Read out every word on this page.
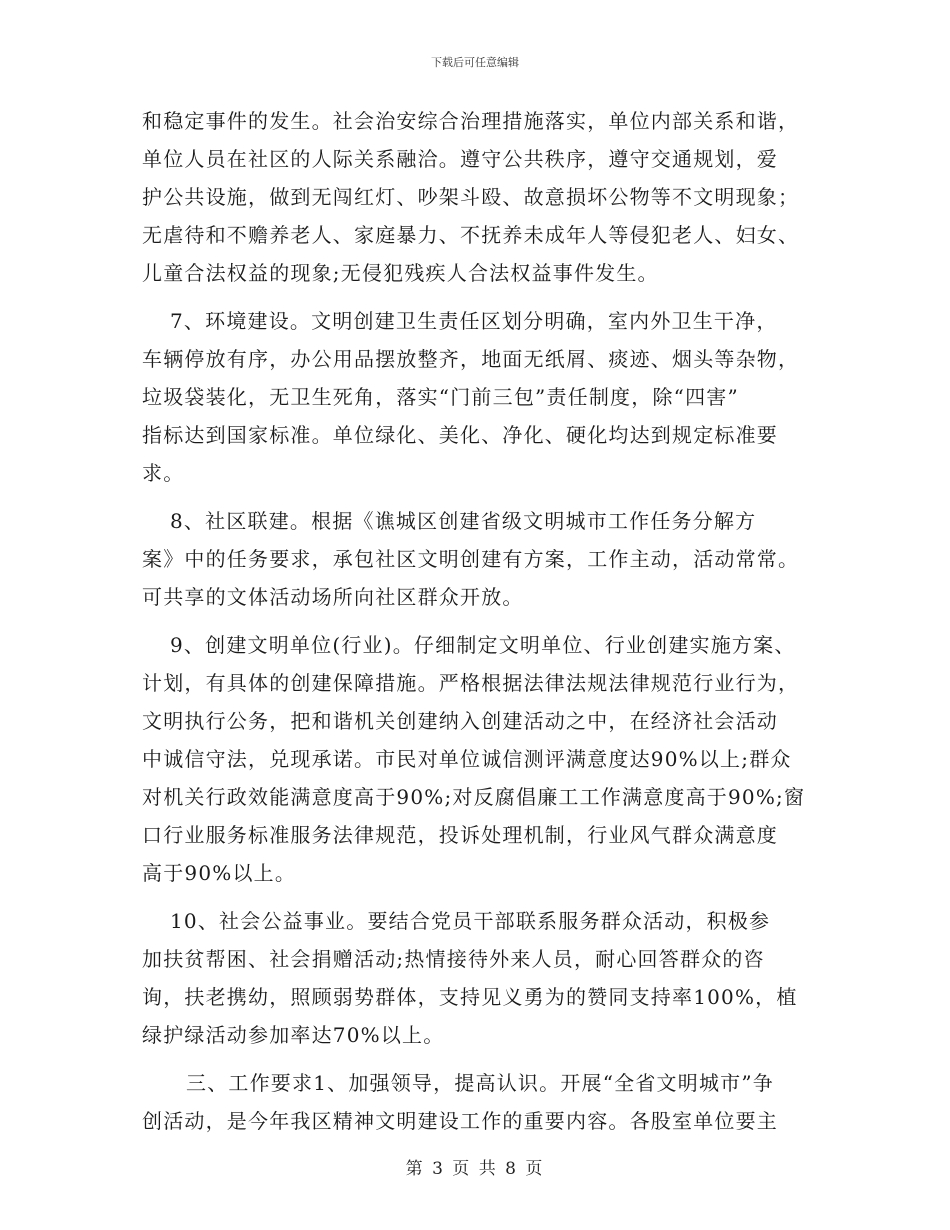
下载后可任意编辑
和稳定事件的发生。社会治安综合治理措施落实，单位内部关系和谐，
单位人员在社区的人际关系融洽。遵守公共秩序，遵守交通规划，爱
护公共设施，做到无闯红灯、吵架斗殴、故意损坏公物等不文明现象；
无虐待和不赡养老人、家庭暴力、不抚养未成年人等侵犯老人、妇女、
儿童合法权益的现象;无侵犯残疾人合法权益事件发生。
7、环境建设。文明创建卫生责任区划分明确，室内外卫生干净，
车辆停放有序，办公用品摆放整齐，地面无纸屑、痰迹、烟头等杂物，
垃圾袋装化，无卫生死角，落实“门前三包”责任制度，除“四害”
指标达到国家标准。单位绿化、美化、净化、硬化均达到规定标准要
求。
8、社区联建。根据《谯城区创建省级文明城市工作任务分解方
案》中的任务要求，承包社区文明创建有方案，工作主动，活动常常。
可共享的文体活动场所向社区群众开放。
9、创建文明单位(行业)。仔细制定文明单位、行业创建实施方案、
计划，有具体的创建保障措施。严格根据法律法规法律规范行业行为，
文明执行公务，把和谐机关创建纳入创建活动之中，在经济社会活动
中诚信守法，兑现承诺。市民对单位诚信测评满意度达90%以上;群众
对机关行政效能满意度高于90%;对反腐倡廉工工作满意度高于90%;窗
口行业服务标准服务法律规范，投诉处理机制，行业风气群众满意度
高于90%以上。
10、社会公益事业。要结合党员干部联系服务群众活动，积极参
加扶贫帮困、社会捐赠活动;热情接待外来人员，耐心回答群众的咨
询，扶老携幼，照顾弱势群体，支持见义勇为的赞同支持率100%，植
绿护绿活动参加率达70%以上。
三、工作要求1、加强领导，提高认识。开展“全省文明城市”争
创活动，是今年我区精神文明建设工作的重要内容。各股室单位要主
第 3 页 共 8 页
